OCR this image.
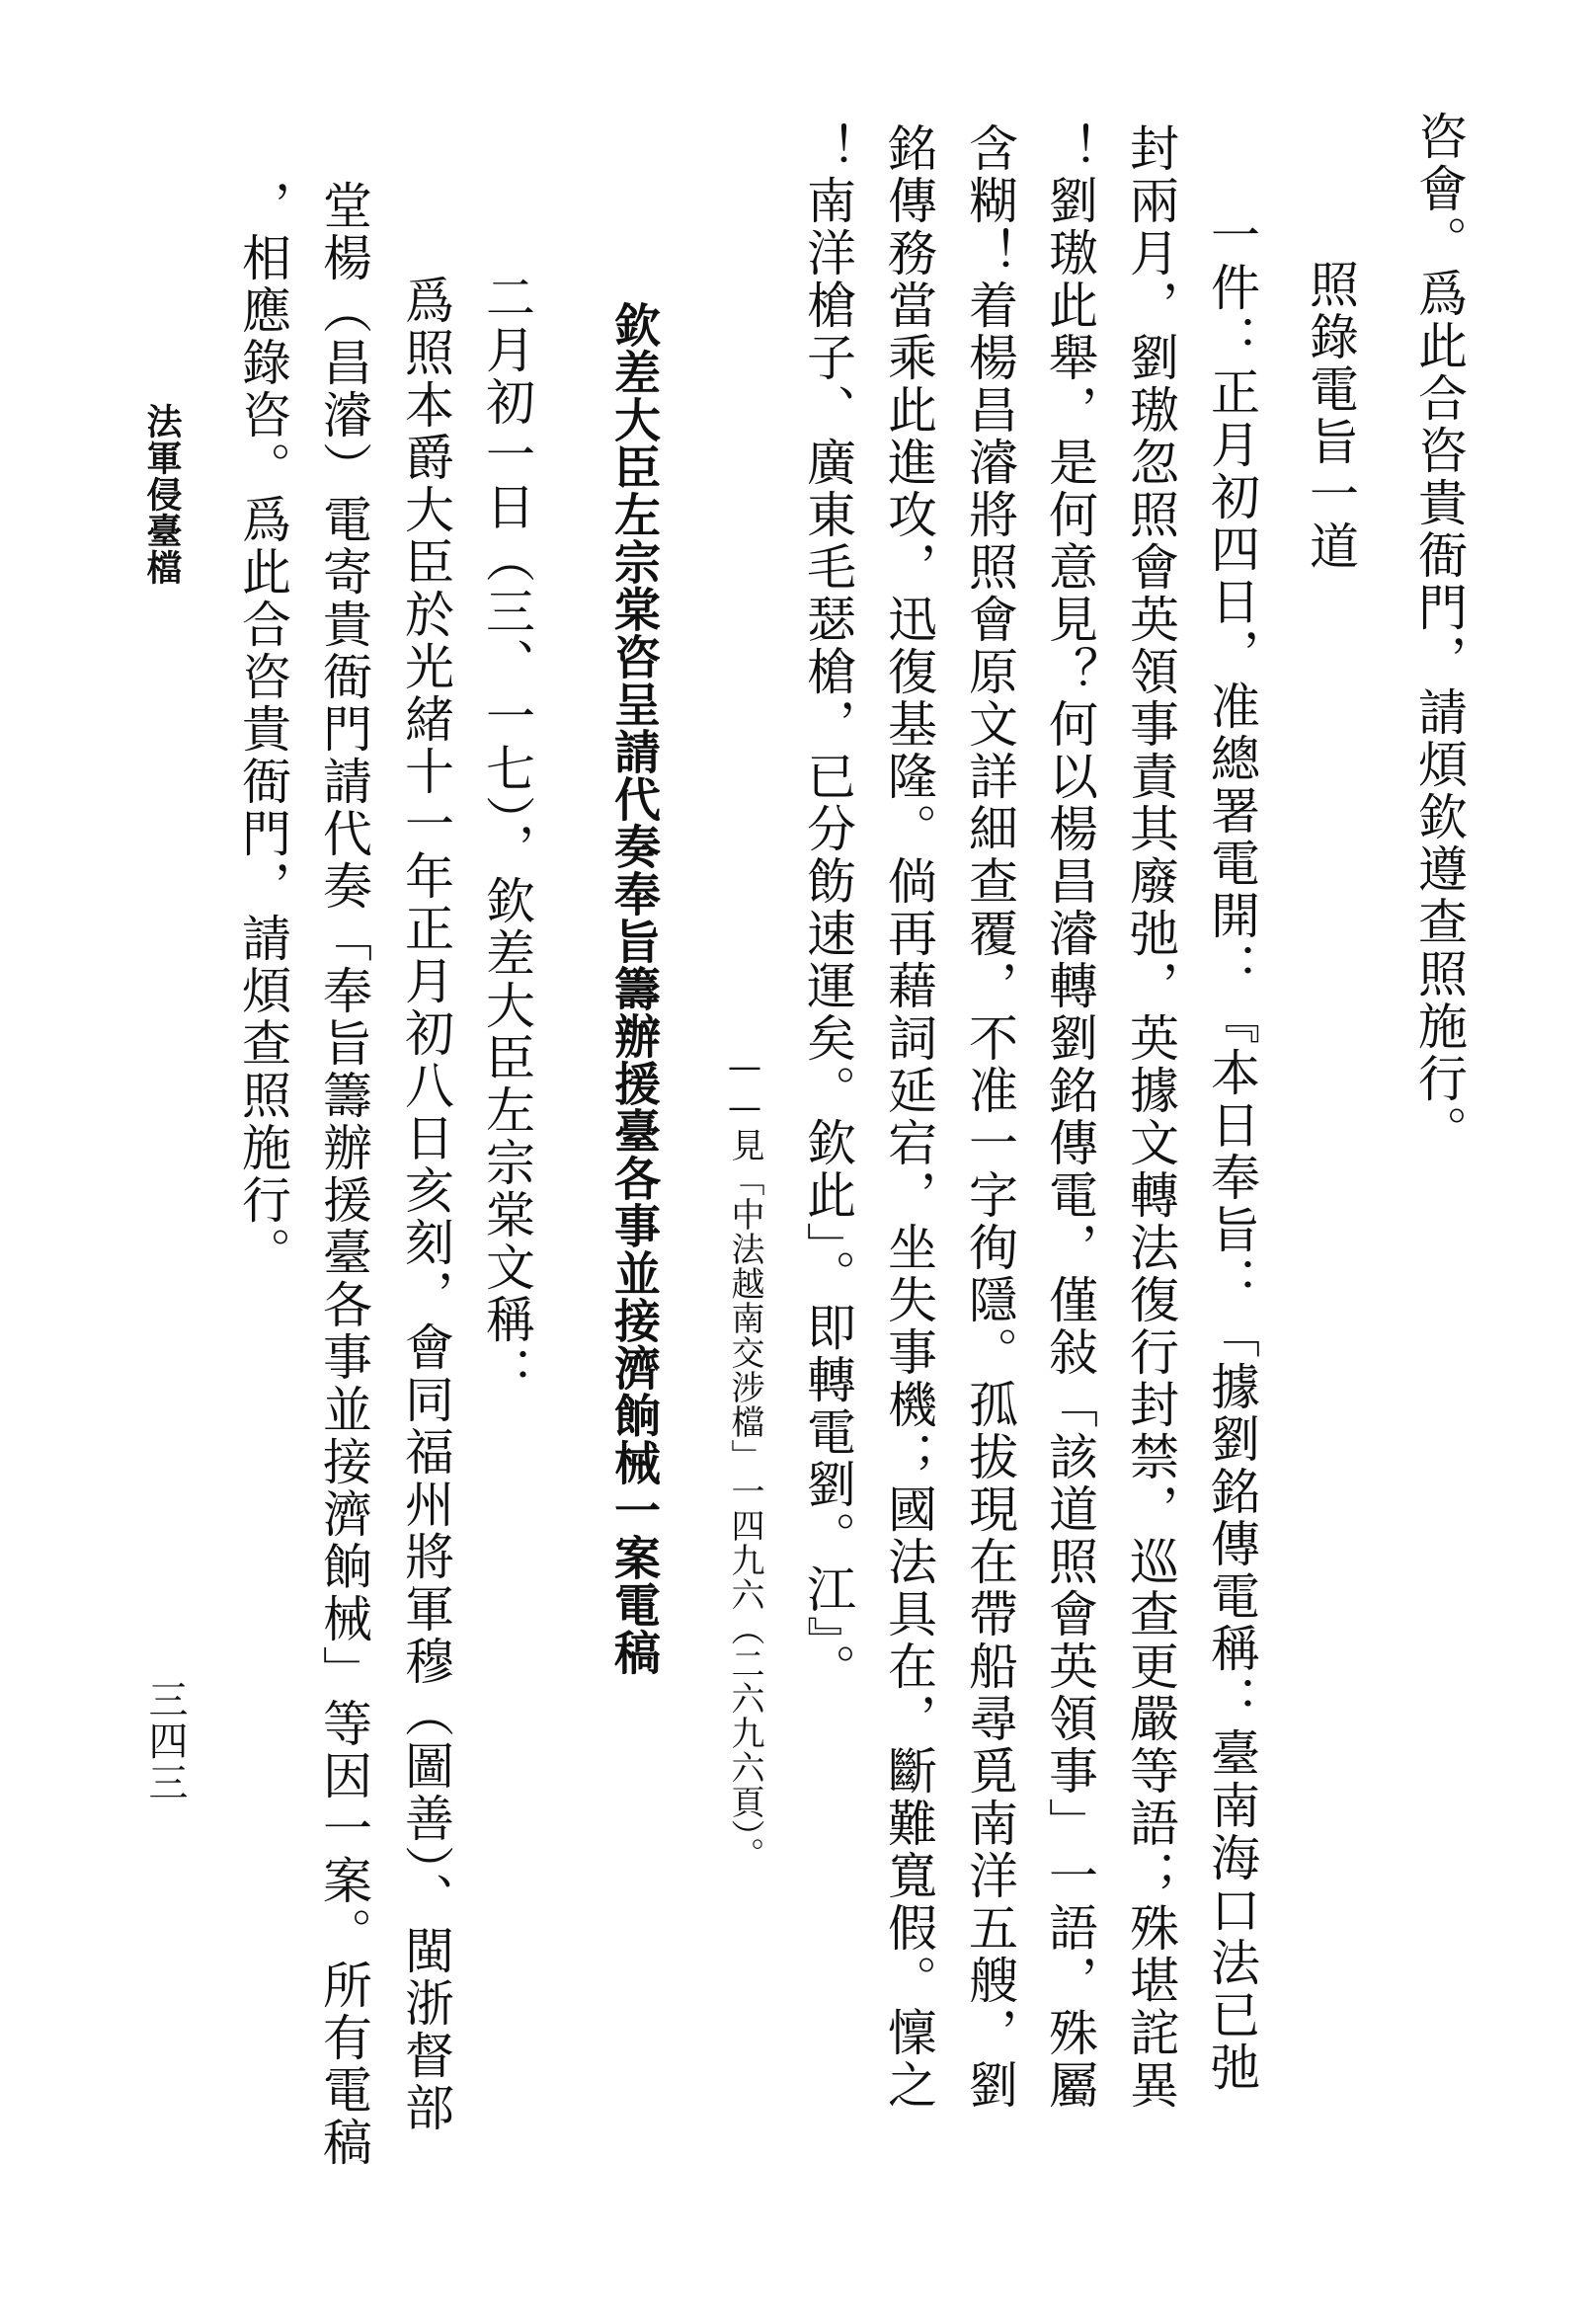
咨會。爲此合咨貴衙門，請煩欽遵查照施行。
照錄電旨一道
一件：正月初四日，准總署電開：『本日奉旨：「據劉銘傳電稱：臺南海口法已弛
封兩月，劉璈忽照會英領事責其廢弛，英據文轉法復行封禁，巡查更嚴等語；殊堪詫異
！劉璈此舉，是何意見？何以楊昌濬轉劉銘傳電，僅敍「該道照會英領事」一語，殊屬
含糊！着楊昌濬將照會原文詳細查覆，不准一字徇隱。孤拔現在帶船尋覓南洋五艘，劉
銘傳務當乘此進攻，迅復基隆。倘再藉詞延宕，坐失事機；國法具在，斷難寬假。懍之
！南洋槍子、廣東毛瑟槍，已分飭速運矣。欽此」。即轉電劉。江』。
——見「中法越南交涉檔」一四九六（二六九六頁）。
欽差大臣左宗棠咨呈請代奏奉旨籌辦援臺各事並接濟餉械一案電稿
二月初一日（三、一七），欽差大臣左宗棠文稱：
爲照本爵大臣於光緒十一年正月初八日亥刻，會同福州將軍穆（圖善）、閩浙督部
堂楊（昌濬）電寄貴衙門請代奏「奉旨籌辦援臺各事並接濟餉械」等因一案。所有電稿
，相應錄咨。爲此合咨貴衙門，請煩查照施行。
法軍侵臺檔
三四三
